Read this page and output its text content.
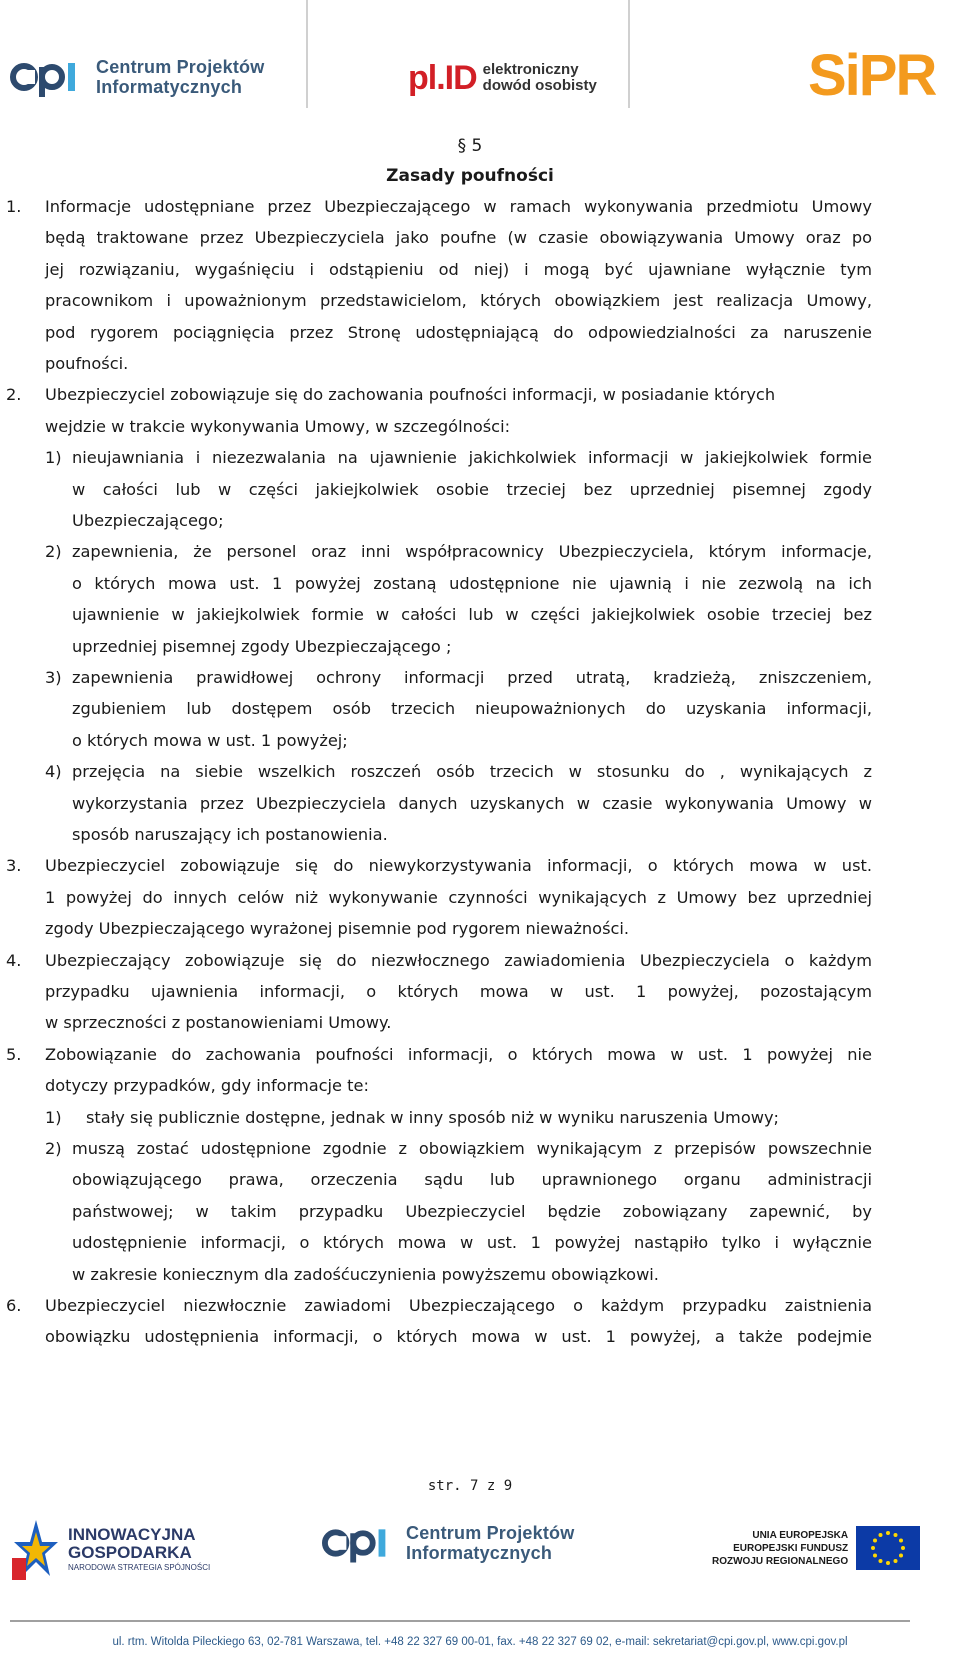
Centrum Projektów
Informatycznych	pl.ID elektroniczny
dowód osobisty	SiPR
§ 5
Zasady poufności
1. Informacje udostępniane przez Ubezpieczającego w ramach wykonywania przedmiotu Umowy
będą traktowane przez Ubezpieczyciela jako poufne (w czasie obowiązywania Umowy oraz po
jej rozwiązaniu, wygaśnięciu i odstąpieniu od niej) i mogą być ujawniane wyłącznie tym
pracownikom i upoważnionym przedstawicielom, których obowiązkiem jest realizacja Umowy,
pod rygorem pociągnięcia przez Stronę udostępniającą do odpowiedzialności za naruszenie
poufności.
2. Ubezpieczyciel zobowiązuje się do zachowania poufności informacji, w posiadanie których
wejdzie w trakcie wykonywania Umowy, w szczególności:
1) nieujawniania i niezezwalania na ujawnienie jakichkolwiek informacji w jakiejkolwiek formie
w całości lub w części jakiejkolwiek osobie trzeciej bez uprzedniej pisemnej zgody
Ubezpieczającego;
2) zapewnienia, że personel oraz inni współpracownicy Ubezpieczyciela, którym informacje,
o których mowa ust. 1 powyżej zostaną udostępnione nie ujawnią i nie zezwolą na ich
ujawnienie w jakiejkolwiek formie w całości lub w części jakiejkolwiek osobie trzeciej bez
uprzedniej pisemnej zgody Ubezpieczającego ;
3) zapewnienia prawidłowej ochrony informacji przed utratą, kradzieżą, zniszczeniem,
zgubieniem lub dostępem osób trzecich nieupoważnionych do uzyskania informacji,
o których mowa w ust. 1 powyżej;
4) przejęcia na siebie wszelkich roszczeń osób trzecich w stosunku do , wynikających z
wykorzystania przez Ubezpieczyciela danych uzyskanych w czasie wykonywania Umowy w
sposób naruszający ich postanowienia.
3. Ubezpieczyciel zobowiązuje się do niewykorzystywania informacji, o których mowa w ust.
1 powyżej do innych celów niż wykonywanie czynności wynikających z Umowy bez uprzedniej
zgody Ubezpieczającego wyrażonej pisemnie pod rygorem nieważności.
4. Ubezpieczający zobowiązuje się do niezwłocznego zawiadomienia Ubezpieczyciela o każdym
przypadku ujawnienia informacji, o których mowa w ust. 1 powyżej, pozostającym
w sprzeczności z postanowieniami Umowy.
5. Zobowiązanie do zachowania poufności informacji, o których mowa w ust. 1 powyżej nie
dotyczy przypadków, gdy informacje te:
1) stały się publicznie dostępne, jednak w inny sposób niż w wyniku naruszenia Umowy;
2) muszą zostać udostępnione zgodnie z obowiązkiem wynikającym z przepisów powszechnie
obowiązującego prawa, orzeczenia sądu lub uprawnionego organu administracji
państwowej; w takim przypadku Ubezpieczyciel będzie zobowiązany zapewnić, by
udostępnienie informacji, o których mowa w ust. 1 powyżej nastąpiło tylko i wyłącznie
w zakresie koniecznym dla zadośćuczynienia powyższemu obowiązkowi.
6. Ubezpieczyciel niezwłocznie zawiadomi Ubezpieczającego o każdym przypadku zaistnienia
obowiązku udostępnienia informacji, o których mowa w ust. 1 powyżej, a także podejmie
str. 7 z 9
INNOWACYJNA
GOSPODARKA
NARODOWA STRATEGIA SPÓJNOŚCI
Centrum Projektów
Informatycznych
UNIA EUROPEJSKA
EUROPEJSKI FUNDUSZ
ROZWOJU REGIONALNEGO
ul. rtm. Witolda Pileckiego 63, 02-781 Warszawa, tel. +48 22 327 69 00-01, fax. +48 22 327 69 02, e-mail: sekretariat@cpi.gov.pl, www.cpi.gov.pl
